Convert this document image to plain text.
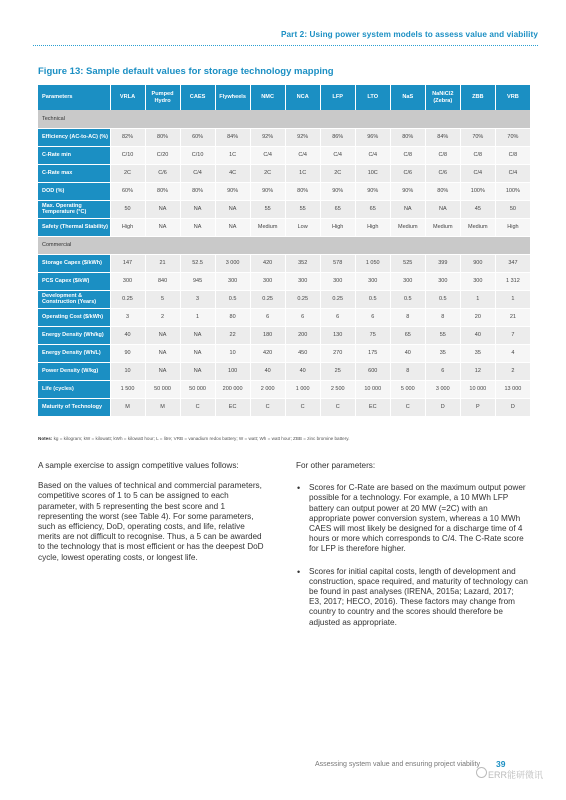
Part 2: Using power system models to assess value and viability
Figure 13: Sample default values for storage technology mapping
Parameters	VRLA	Pumped Hydro	CAES	Flywheels	NMC	NCA	LFP	LTO	NaS	NaNiCl2 (Zebra)	ZBB	VRB
Technical												
Efficiency (AC-to-AC) (%)	82%	80%	60%	84%	92%	92%	86%	96%	80%	84%	70%	70%
C-Rate min	C/10	C/20	C/10	1C	C/4	C/4	C/4	C/4	C/8	C/8	C/8	C/8
C-Rate max	2C	C/6	C/4	4C	2C	1C	2C	10C	C/6	C/6	C/4	C/4
DOD (%)	60%	80%	80%	90%	90%	80%	90%	90%	90%	80%	100%	100%
Max. Operating Temperature (°C)	50	NA	NA	NA	55	55	65	65	NA	NA	45	50
Safety (Thermal Stability)	High	NA	NA	NA	Medium	Low	High	High	Medium	Medium	Medium	High
Commercial												
Storage Capex ($/kWh)	147	21	52.5	3 000	420	352	578	1 050	525	399	900	347
PCS Capex ($/kW)	300	840	945	300	300	300	300	300	300	300	300	1 312
Development & Construction (Years)	0.25	5	3	0.5	0.25	0.25	0.25	0.5	0.5	0.5	1	1
Operating Cost ($/kWh)	3	2	1	80	6	6	6	6	8	8	20	21
Energy Density (Wh/kg)	40	NA	NA	22	180	200	130	75	65	55	40	7
Energy Density (Wh/L)	90	NA	NA	10	420	450	270	175	40	35	35	4
Power Density (W/kg)	10	NA	NA	100	40	40	25	600	8	6	12	2
Life (cycles)	1 500	50 000	50 000	200 000	2 000	1 000	2 500	10 000	5 000	3 000	10 000	13 000
Maturity of Technology	M	M	C	EC	C	C	C	EC	C	D	P	D
Notes: kg = kilogram; kW = kilowatt; kWh = kilowatt hour; L = litre; VRB = vanadium redox battery; W = watt; Wh = watt hour; ZBB = zinc bromine battery.

A sample exercise to assign competitive values follows:

Based on the values of technical and commercial parameters, competitive scores of 1 to 5 can be assigned to each parameter, with 5 representing the best score and 1 representing the worst (see Table 4). For some parameters, such as efficiency, DoD, operating costs, and life, relative merits are not difficult to recognise. Thus, a 5 can be awarded to the technology that is most efficient or has the deepest DoD cycle, lowest operating costs, or longest life.

For other parameters:

• Scores for C-Rate are based on the maximum output power possible for a technology. For example, a 10 MWh LFP battery can output power at 20 MW (=2C) with an appropriate power conversion system, whereas a 10 MWh CAES will most likely be designed for a discharge time of 4 hours or more which corresponds to C/4. The C-Rate score for LFP is therefore higher.
• Scores for initial capital costs, length of development and construction, space required, and maturity of technology can be found in past analyses (IRENA, 2015a; Lazard, 2017; E3, 2017; HECO, 2016). These factors may change from country to country and the scores should therefore be adjusted as appropriate.
Assessing system value and ensuring project viability 39
ERR能研微讯
